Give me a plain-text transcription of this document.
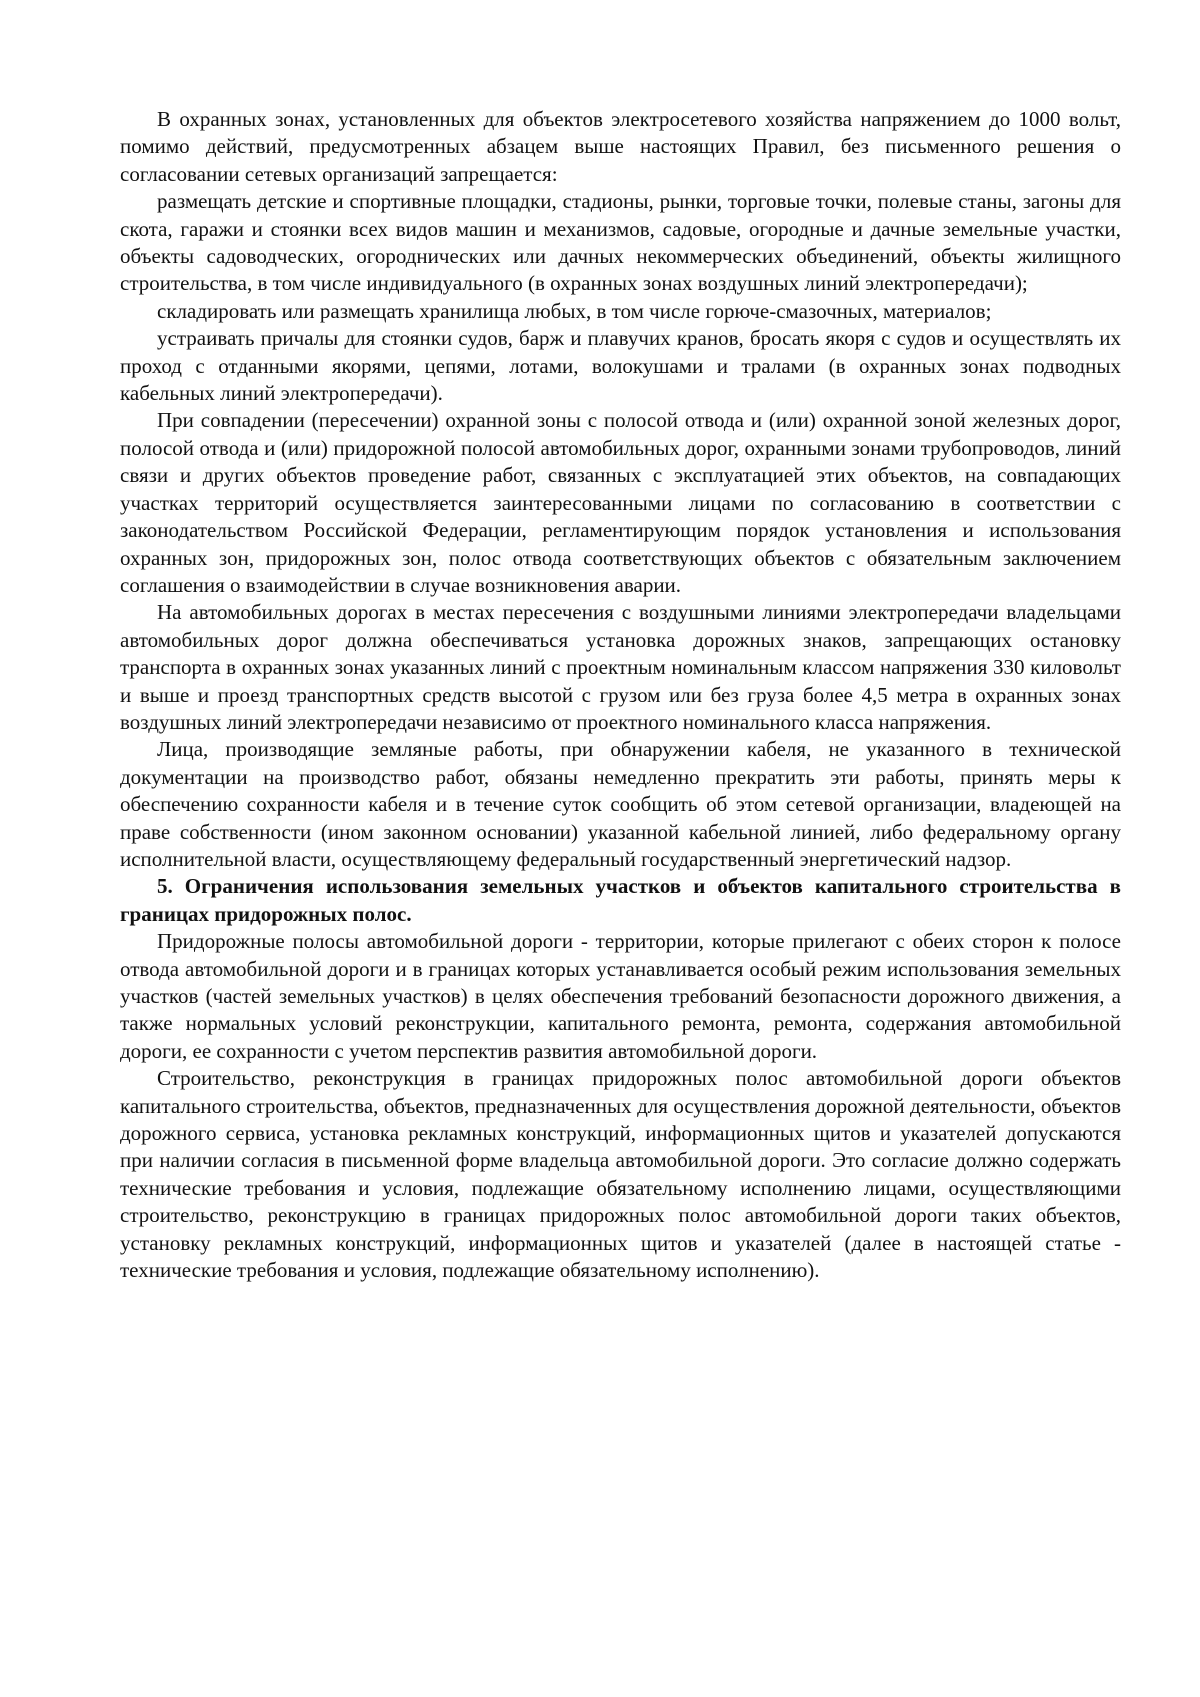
В охранных зонах, установленных для объектов электросетевого хозяйства напряжением до 1000 вольт, помимо действий, предусмотренных абзацем выше настоящих Правил, без письменного решения о согласовании сетевых организаций запрещается:

размещать детские и спортивные площадки, стадионы, рынки, торговые точки, полевые станы, загоны для скота, гаражи и стоянки всех видов машин и механизмов, садовые, огородные и дачные земельные участки, объекты садоводческих, огороднических или дачных некоммерческих объединений, объекты жилищного строительства, в том числе индивидуального (в охранных зонах воздушных линий электропередачи);

складировать или размещать хранилища любых, в том числе горюче-смазочных, материалов;

устраивать причалы для стоянки судов, барж и плавучих кранов, бросать якоря с судов и осуществлять их проход с отданными якорями, цепями, лотами, волокушами и тралами (в охранных зонах подводных кабельных линий электропередачи).

При совпадении (пересечении) охранной зоны с полосой отвода и (или) охранной зоной железных дорог, полосой отвода и (или) придорожной полосой автомобильных дорог, охранными зонами трубопроводов, линий связи и других объектов проведение работ, связанных с эксплуатацией этих объектов, на совпадающих участках территорий осуществляется заинтересованными лицами по согласованию в соответствии с законодательством Российской Федерации, регламентирующим порядок установления и использования охранных зон, придорожных зон, полос отвода соответствующих объектов с обязательным заключением соглашения о взаимодействии в случае возникновения аварии.

На автомобильных дорогах в местах пересечения с воздушными линиями электропередачи владельцами автомобильных дорог должна обеспечиваться установка дорожных знаков, запрещающих остановку транспорта в охранных зонах указанных линий с проектным номинальным классом напряжения 330 киловольт и выше и проезд транспортных средств высотой с грузом или без груза более 4,5 метра в охранных зонах воздушных линий электропередачи независимо от проектного номинального класса напряжения.

Лица, производящие земляные работы, при обнаружении кабеля, не указанного в технической документации на производство работ, обязаны немедленно прекратить эти работы, принять меры к обеспечению сохранности кабеля и в течение суток сообщить об этом сетевой организации, владеющей на праве собственности (ином законном основании) указанной кабельной линией, либо федеральному органу исполнительной власти, осуществляющему федеральный государственный энергетический надзор.

5. Ограничения использования земельных участков и объектов капитального строительства в границах придорожных полос.

Придорожные полосы автомобильной дороги - территории, которые прилегают с обеих сторон к полосе отвода автомобильной дороги и в границах которых устанавливается особый режим использования земельных участков (частей земельных участков) в целях обеспечения требований безопасности дорожного движения, а также нормальных условий реконструкции, капитального ремонта, ремонта, содержания автомобильной дороги, ее сохранности с учетом перспектив развития автомобильной дороги.

Строительство, реконструкция в границах придорожных полос автомобильной дороги объектов капитального строительства, объектов, предназначенных для осуществления дорожной деятельности, объектов дорожного сервиса, установка рекламных конструкций, информационных щитов и указателей допускаются при наличии согласия в письменной форме владельца автомобильной дороги. Это согласие должно содержать технические требования и условия, подлежащие обязательному исполнению лицами, осуществляющими строительство, реконструкцию в границах придорожных полос автомобильной дороги таких объектов, установку рекламных конструкций, информационных щитов и указателей (далее в настоящей статье - технические требования и условия, подлежащие обязательному исполнению).
